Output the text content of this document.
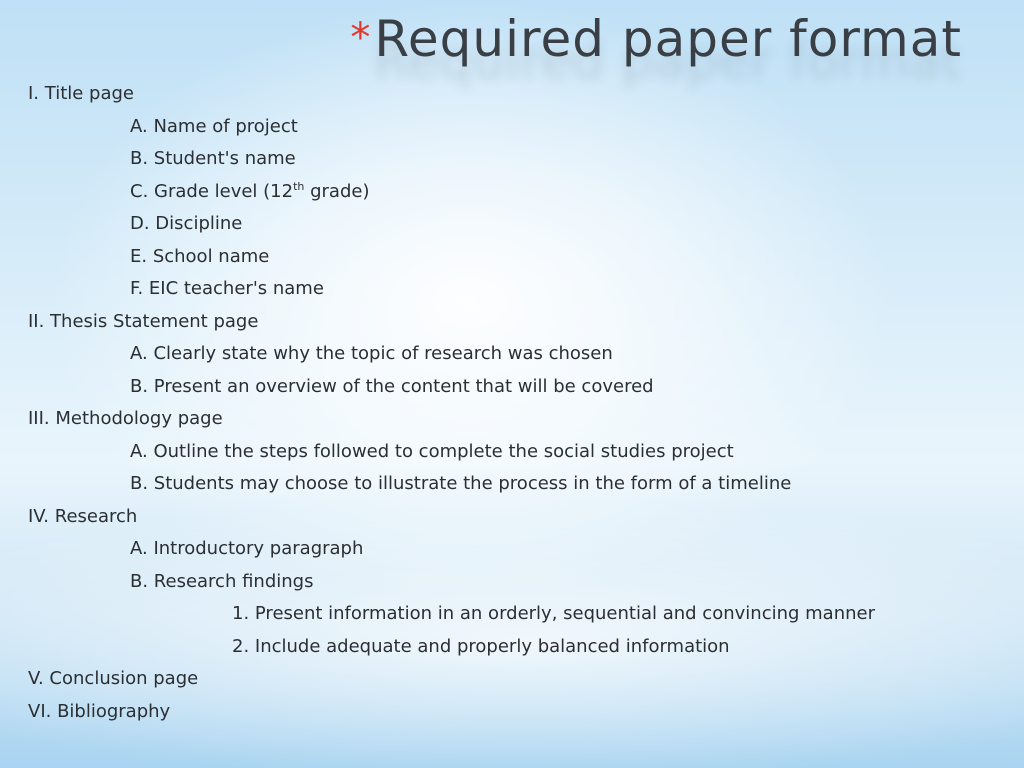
*Required paper format
I. Title page
A. Name of project
B. Student's name
C. Grade level (12th grade)
D. Discipline
E. School name
F. EIC teacher's name
II. Thesis Statement page
A. Clearly state why the topic of research was chosen
B. Present an overview of the content that will be covered
III. Methodology page
A. Outline the steps followed to complete the social studies project
B. Students may choose to illustrate the process in the form of a timeline
IV. Research
A. Introductory paragraph
B. Research findings
1. Present information in an orderly, sequential and convincing manner
2. Include adequate and properly balanced information
V. Conclusion page
VI. Bibliography
